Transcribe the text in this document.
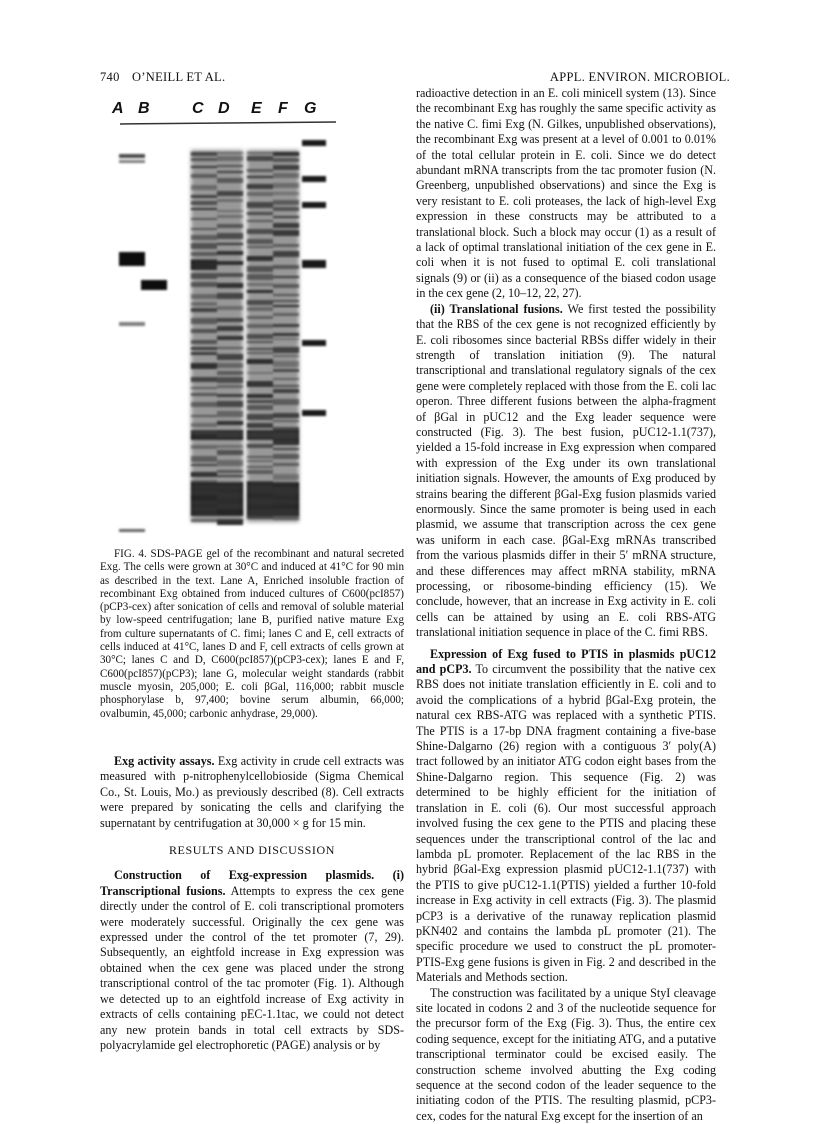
740 O’NEILL ET AL.	APPL. ENVIRON. MICROBIOL.
A B	C D E F G

FIG. 4. SDS-PAGE gel of the recombinant and natural secreted Exg. The cells were grown at 30°C and induced at 41°C for 90 min as described in the text. Lane A, Enriched insoluble fraction of recombinant Exg obtained from induced cultures of C600(pcI857)(pCP3-cex) after sonication of cells and removal of soluble material by low-speed centrifugation; lane B, purified native mature Exg from culture supernatants of C. fimi; lanes C and E, cell extracts of cells induced at 41°C, lanes D and F, cell extracts of cells grown at 30°C; lanes C and D, C600(pcI857)(pCP3-cex); lanes E and F, C600(pcI857)(pCP3); lane G, molecular weight standards (rabbit muscle myosin, 205,000; E. coli βGal, 116,000; rabbit muscle phosphorylase b, 97,400; bovine serum albumin, 66,000; ovalbumin, 45,000; carbonic anhydrase, 29,000).

Exg activity assays. Exg activity in crude cell extracts was measured with p-nitrophenylcellobioside (Sigma Chemical Co., St. Louis, Mo.) as previously described (8). Cell extracts were prepared by sonicating the cells and clarifying the supernatant by centrifugation at 30,000 × g for 15 min.

RESULTS AND DISCUSSION

Construction of Exg-expression plasmids. (i) Transcriptional fusions. Attempts to express the cex gene directly under the control of E. coli transcriptional promoters were moderately successful. Originally the cex gene was expressed under the control of the tet promoter (7, 29). Subsequently, an eightfold increase in Exg expression was obtained when the cex gene was placed under the strong transcriptional control of the tac promoter (Fig. 1). Although we detected up to an eightfold increase of Exg activity in extracts of cells containing pEC-1.1tac, we could not detect any new protein bands in total cell extracts by SDS-polyacrylamide gel electrophoretic (PAGE) analysis or by

radioactive detection in an E. coli minicell system (13). Since the recombinant Exg has roughly the same specific activity as the native C. fimi Exg (N. Gilkes, unpublished observations), the recombinant Exg was present at a level of 0.001 to 0.01% of the total cellular protein in E. coli. Since we do detect abundant mRNA transcripts from the tac promoter fusion (N. Greenberg, unpublished observations) and since the Exg is very resistant to E. coli proteases, the lack of high-level Exg expression in these constructs may be attributed to a translational block. Such a block may occur (1) as a result of a lack of optimal translational initiation of the cex gene in E. coli when it is not fused to optimal E. coli translational signals (9) or (ii) as a consequence of the biased codon usage in the cex gene (2, 10–12, 22, 27).

(ii) Translational fusions. We first tested the possibility that the RBS of the cex gene is not recognized efficiently by E. coli ribosomes since bacterial RBSs differ widely in their strength of translation initiation (9). The natural transcriptional and translational regulatory signals of the cex gene were completely replaced with those from the E. coli lac operon. Three different fusions between the alpha-fragment of βGal in pUC12 and the Exg leader sequence were constructed (Fig. 3). The best fusion, pUC12-1.1(737), yielded a 15-fold increase in Exg expression when compared with expression of the Exg under its own translational initiation signals. However, the amounts of Exg produced by strains bearing the different βGal-Exg fusion plasmids varied enormously. Since the same promoter is being used in each plasmid, we assume that transcription across the cex gene was uniform in each case. βGal-Exg mRNAs transcribed from the various plasmids differ in their 5′ mRNA structure, and these differences may affect mRNA stability, mRNA processing, or ribosome-binding efficiency (15). We conclude, however, that an increase in Exg activity in E. coli cells can be attained by using an E. coli RBS-ATG translational initiation sequence in place of the C. fimi RBS.

Expression of Exg fused to PTIS in plasmids pUC12 and pCP3. To circumvent the possibility that the native cex RBS does not initiate translation efficiently in E. coli and to avoid the complications of a hybrid βGal-Exg protein, the natural cex RBS-ATG was replaced with a synthetic PTIS. The PTIS is a 17-bp DNA fragment containing a five-base Shine-Dalgarno (26) region with a contiguous 3′ poly(A) tract followed by an initiator ATG codon eight bases from the Shine-Dalgarno region. This sequence (Fig. 2) was determined to be highly efficient for the initiation of translation in E. coli (6). Our most successful approach involved fusing the cex gene to the PTIS and placing these sequences under the transcriptional control of the lac and lambda pL promoter. Replacement of the lac RBS in the hybrid βGal-Exg expression plasmid pUC12-1.1(737) with the PTIS to give pUC12-1.1(PTIS) yielded a further 10-fold increase in Exg activity in cell extracts (Fig. 3). The plasmid pCP3 is a derivative of the runaway replication plasmid pKN402 and contains the lambda pL promoter (21). The specific procedure we used to construct the pL promoter-PTIS-Exg gene fusions is given in Fig. 2 and described in the Materials and Methods section.

The construction was facilitated by a unique StyI cleavage site located in codons 2 and 3 of the nucleotide sequence for the precursor form of the Exg (Fig. 3). Thus, the entire cex coding sequence, except for the initiating ATG, and a putative transcriptional terminator could be excised easily. The construction scheme involved abutting the Exg coding sequence at the second codon of the leader sequence to the initiating codon of the PTIS. The resulting plasmid, pCP3-cex, codes for the natural Exg except for the insertion of an
